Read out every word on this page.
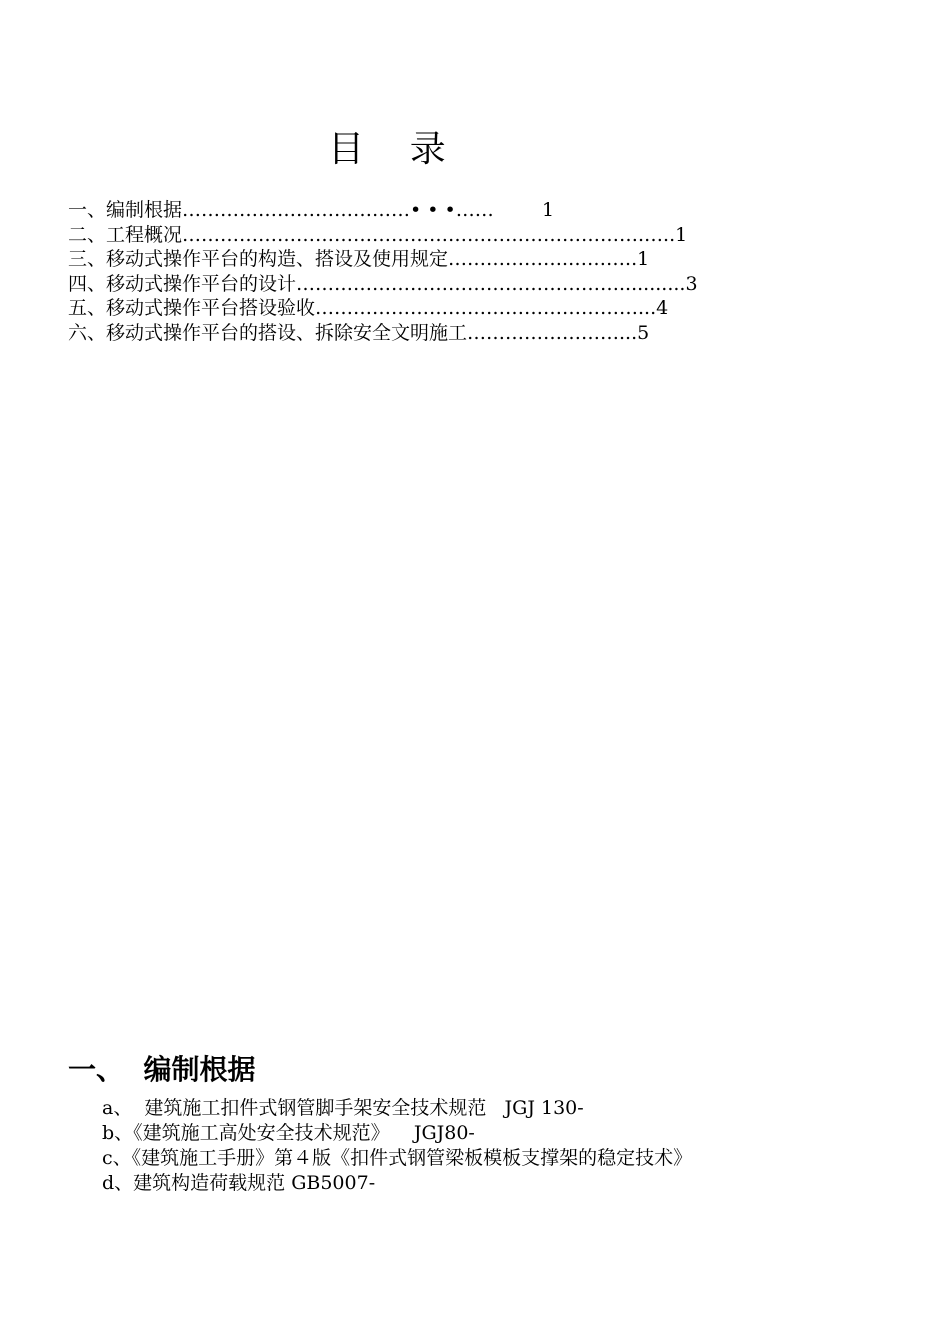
目    录
一、编制根据………………………………• • •……	1
二、工程概况……………………………………………………………….…..1
三、移动式操作平台的构造、搭设及使用规定……………….………..1
四、移动式操作平台的设计……………………………………………...........3
五、移动式操作平台搭设验收……………………………………………...4
六、移动式操作平台的搭设、拆除安全文明施工……………………...5
一、  编制根据
a、  建筑施工扣件式钢管脚手架安全技术规范   JGJ 130-
b、《建筑施工高处安全技术规范》    JGJ80-
c、《建筑施工手册》第４版《扣件式钢管梁板模板支撑架的稳定技术》
d、建筑构造荷载规范 GB5007-
